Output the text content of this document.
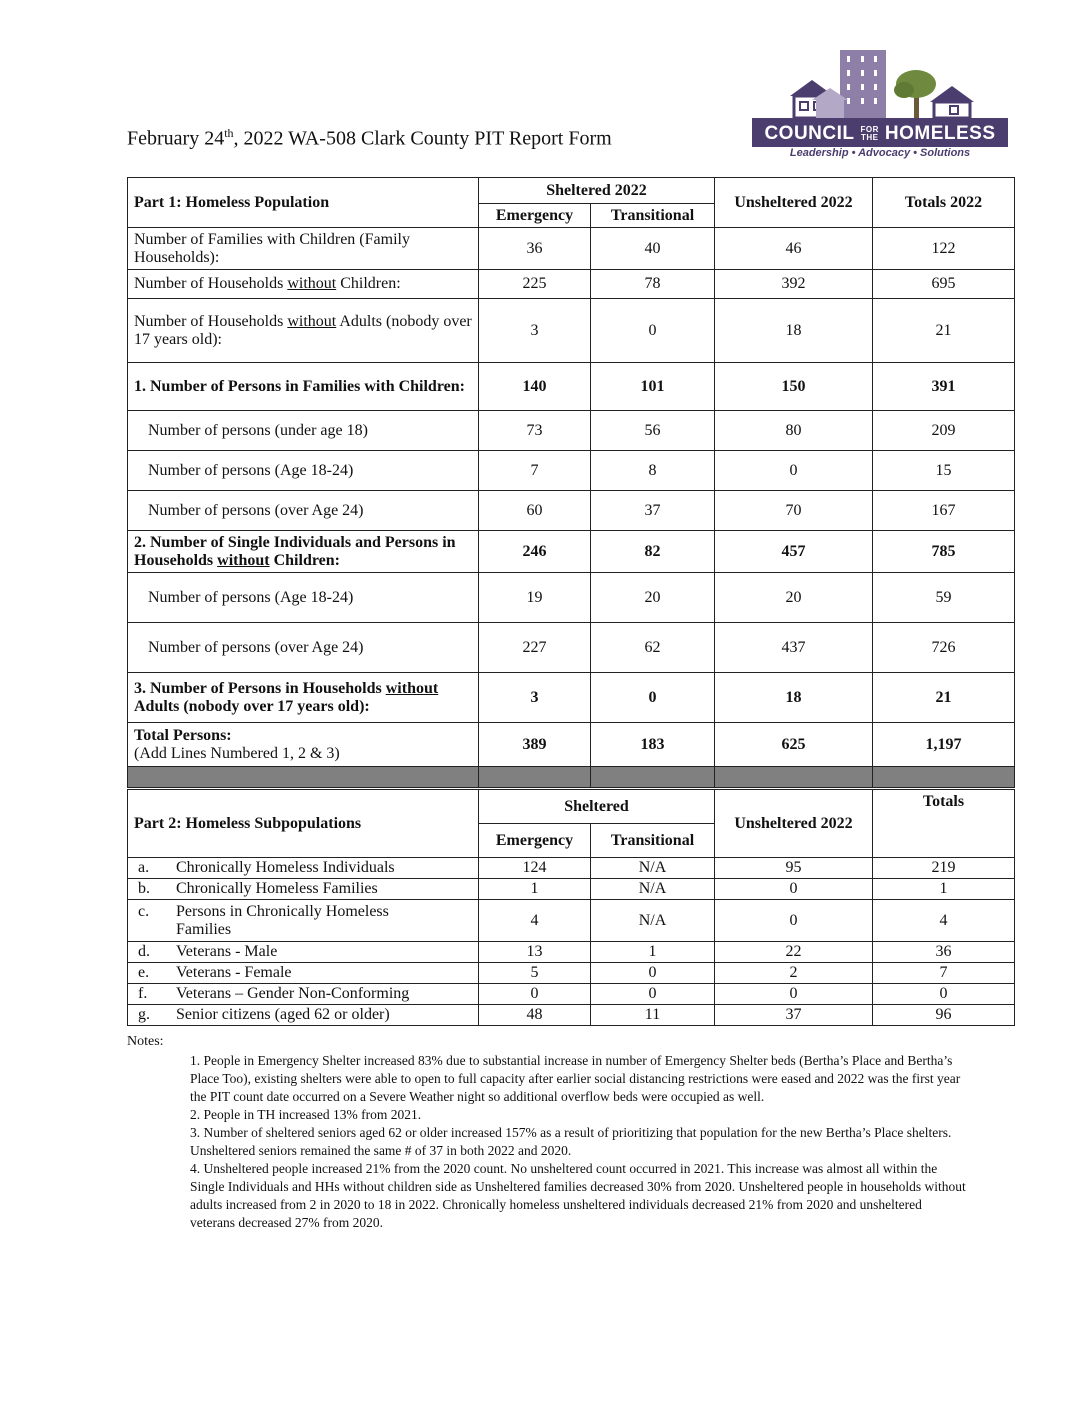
February 24th, 2022 WA-508 Clark County PIT Report Form	COUNCIL FOR
THE HOMELESS
Leadership • Advocacy • Solutions
Part 1: Homeless Population	Sheltered 2022		Unsheltered 2022	Totals 2022
	Emergency	Transitional		
Number of Families with Children (Family Households):	36	40	46	122
Number of Households without Children:	225	78	392	695
Number of Households without Adults (nobody over 17 years old):	3	0	18	21
1. Number of Persons in Families with Children:	140	101	150	391
Number of persons (under age 18)	73	56	80	209
Number of persons (Age 18-24)	7	8	0	15
Number of persons (over Age 24)	60	37	70	167
2. Number of Single Individuals and Persons in Households without Children:	246	82	457	785
Number of persons (Age 18-24)	19	20	20	59
Number of persons (over Age 24)	227	62	437	726
3. Number of Persons in Households without Adults (nobody over 17 years old):	3	0	18	21
Total Persons:
(Add Lines Numbered 1, 2 & 3)	389	183	625	1,197

Part 2: Homeless Subpopulations	Sheltered		Unsheltered 2022	Totals
	Emergency	Transitional		
a. Chronically Homeless Individuals	124	N/A	95	219
b. Chronically Homeless Families	1	N/A	0	1

c. Persons in Chronically Homeless Families	4	N/A	0	4
d. Veterans - Male	13	1	22	36
e. Veterans - Female	5	0	2	7
f. Veterans – Gender Non-Conforming	0	0	0	0
g. Senior citizens (aged 62 or older)	48	11	37	96
Notes:

1. People in Emergency Shelter increased 83% due to substantial increase in number of Emergency Shelter beds (Bertha’s Place and Bertha’s Place Too), existing shelters were able to open to full capacity after earlier social distancing restrictions were eased and 2022 was the first year the PIT count date occurred on a Severe Weather night so additional overflow beds were occupied as well.

2. People in TH increased 13% from 2021.

3. Number of sheltered seniors aged 62 or older increased 157% as a result of prioritizing that population for the new Bertha’s Place shelters. Unsheltered seniors remained the same # of 37 in both 2022 and 2020.

4. Unsheltered people increased 21% from the 2020 count. No unsheltered count occurred in 2021. This increase was almost all within the Single Individuals and HHs without children side as Unsheltered families decreased 30% from 2020. Unsheltered people in households without adults increased from 2 in 2020 to 18 in 2022. Chronically homeless unsheltered individuals decreased 21% from 2020 and unsheltered veterans decreased 27% from 2020.
